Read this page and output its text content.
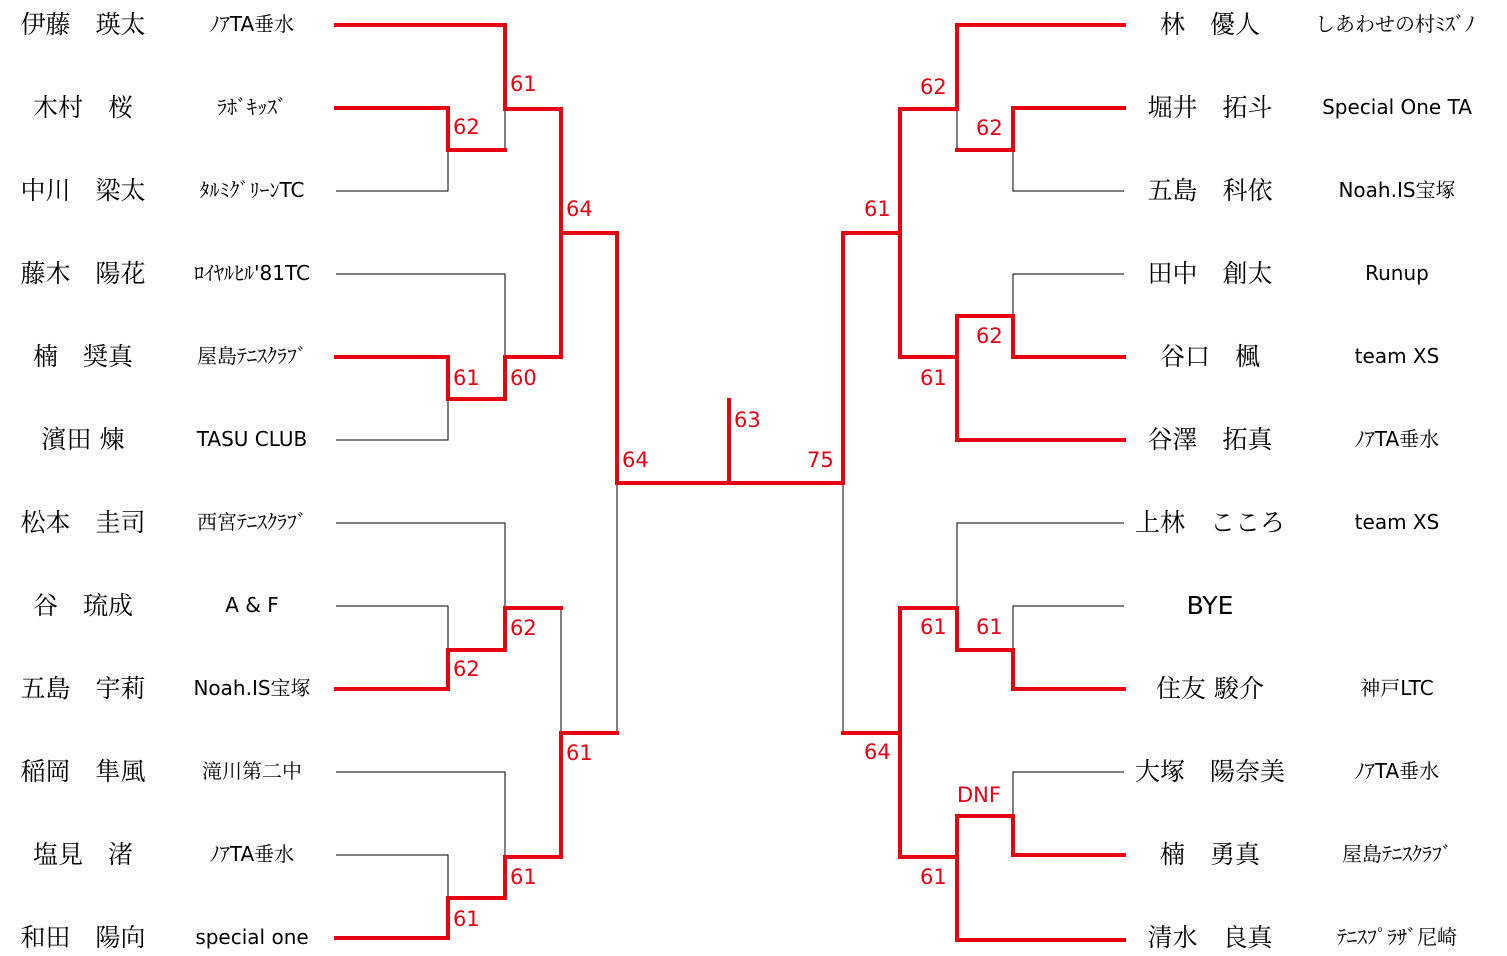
伊藤　瑛太	ﾉｱTA垂水
木村　桜	ﾗﾎﾞｷｯｽﾞ
中川　梁太	ﾀﾙﾐｸﾞﾘｰﾝTC
藤木　陽花 ﾛｲﾔﾙﾋﾙ'81TC
楠　奨真	屋島ﾃﾆｽｸﾗﾌﾞ
濱田 煉	TASU CLUB
松本　圭司	西宮ﾃﾆｽｸﾗﾌﾞ
谷　琉成	A & F
五島　宇莉 Noah.IS宝塚
稲岡　隼風	滝川第二中
塩見　渚	ﾉｱTA垂水
和田　陽向 special one
林　優人	しあわせの村ﾐｽﾞﾉ
堀井　拓斗 Special One TA
五島　科依	Noah.IS宝塚
田中　創太	Runup
谷口　楓	team XS
谷澤　拓真	ﾉｱTA垂水
上林　こころ	team XS
BYE
住友 駿介	神戸LTC
大塚　陽奈美	ﾉｱTA垂水
楠　勇真	屋島ﾃﾆｽｸﾗﾌﾞ
清水　良真	ﾃﾆｽﾌﾟﾗｻﾞ尼崎
62
61
62
61
61
60
62
61
64
61
64
63
75
61
64
62
61
61
61
62
62
61
DNF
